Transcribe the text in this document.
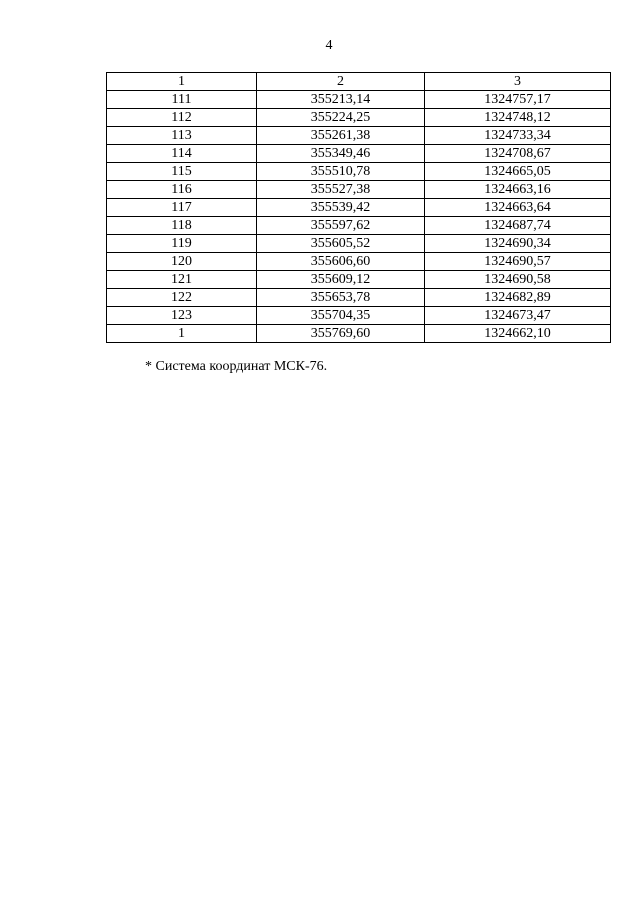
4
1	2	3
111	355213,14	1324757,17
112	355224,25	1324748,12
113	355261,38	1324733,34
114	355349,46	1324708,67
115	355510,78	1324665,05
116	355527,38	1324663,16
117	355539,42	1324663,64
118	355597,62	1324687,74
119	355605,52	1324690,34
120	355606,60	1324690,57
121	355609,12	1324690,58
122	355653,78	1324682,89
123	355704,35	1324673,47
1	355769,60	1324662,10
* Система координат МСК-76.
